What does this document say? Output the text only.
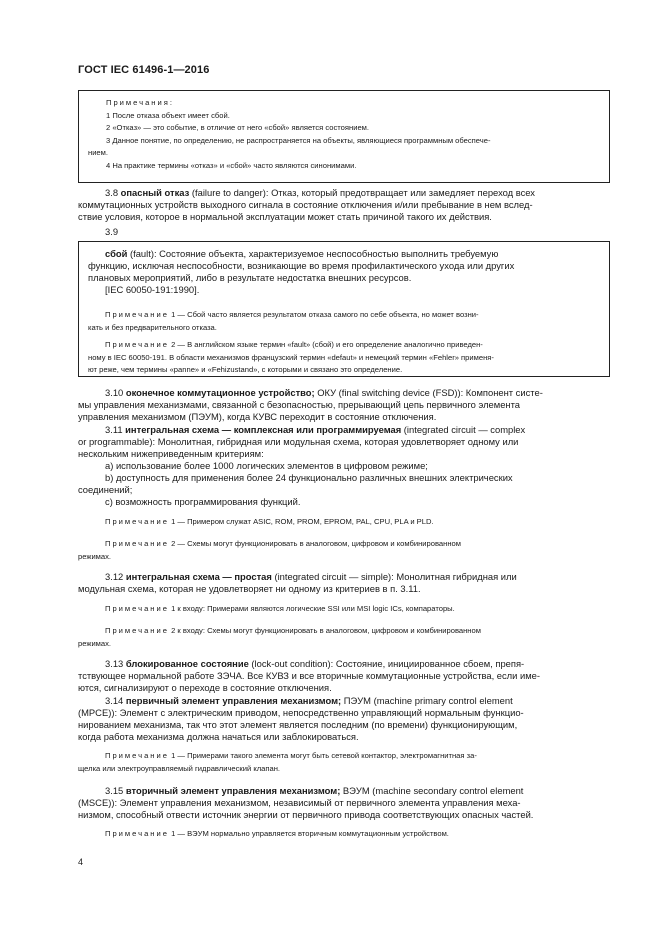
ГОСТ IEC 61496-1—2016
Примечания:
1 После отказа объект имеет сбой.
2 «Отказ» — это событие, в отличие от него «сбой» является состоянием.
3 Данное понятие, по определению, не распространяется на объекты, являющиеся программным обеспече-
нием.
4 На практике термины «отказ» и «сбой» часто являются синонимами.
3.8 опасный отказ (failure to danger): Отказ, который предотвращает или замедляет переход всех
коммутационных устройств выходного сигнала в состояние отключения и/или пребывание в нем вслед-
ствие условия, которое в нормальной эксплуатации может стать причиной такого их действия.
3.9
сбой (fault): Состояние объекта, характеризуемое неспособностью выполнить требуемую
функцию, исключая неспособности, возникающие во время профилактического ухода или других
плановых мероприятий, либо в результате недостатка внешних ресурсов.
[IEC 60050-191:1990].
Примечание 1 — Сбой часто является результатом отказа самого по себе объекта, но может возни-
кать и без предварительного отказа.
Примечание 2 — В английском языке термин «fault» (сбой) и его определение аналогично приведен-
ному в IEC 60050-191. В области механизмов французский термин «defaut» и немецкий термин «Fehler» применя-
ют реже, чем термины «panne» и «Fehizustand», с которыми и связано это определение.
3.10 оконечное коммутационное устройство; ОКУ (final switching device (FSD)): Компонент систе-
мы управления механизмами, связанной с безопасностью, прерывающий цепь первичного элемента
управления механизмом (ПЭУМ), когда КУВС переходит в состояние отключения.
3.11 интегральная схема — комплексная или программируемая (integrated circuit — complex
or programmable): Монолитная, гибридная или модульная схема, которая удовлетворяет одному или
нескольким нижеприведенным критериям:
a) использование более 1000 логических элементов в цифровом режиме;
b) доступность для применения более 24 функционально различных внешних электрических
соединений;
c) возможность программирования функций.
Примечание 1 — Примером служат ASIC, ROM, PROM, EPROM, PAL, CPU, PLA и PLD.
Примечание 2 — Схемы могут функционировать в аналоговом, цифровом и комбинированном
режимах.
3.12 интегральная схема — простая (integrated circuit — simple): Монолитная гибридная или
модульная схема, которая не удовлетворяет ни одному из критериев в п. 3.11.
Примечание 1 к входу: Примерами являются логические SSI или MSI logic ICs, компараторы.
Примечание 2 к входу: Схемы могут функционировать в аналоговом, цифровом и комбинированном
режимах.
3.13 блокированное состояние (lock-out condition): Состояние, инициированное сбоем, препя-
тствующее нормальной работе ЗЭЧА. Все КУВЗ и все вторичные коммутационные устройства, если име-
ются, сигнализируют о переходе в состояние отключения.
3.14 первичный элемент управления механизмом; ПЭУМ (machine primary control element
(MPCE)): Элемент с электрическим приводом, непосредственно управляющий нормальным функцио-
нированием механизма, так что этот элемент является последним (по времени) функционирующим,
когда работа механизма должна начаться или заблокироваться.
Примечание 1 — Примерами такого элемента могут быть сетевой контактор, электромагнитная за-
щелка или электроуправляемый гидравлический клапан.
3.15 вторичный элемент управления механизмом; ВЭУМ (machine secondary control element
(MSCE)): Элемент управления механизмом, независимый от первичного элемента управления меха-
низмом, способный отвести источник энергии от первичного привода соответствующих опасных частей.
Примечание 1 — ВЭУМ нормально управляется вторичным коммутационным устройством.
4
